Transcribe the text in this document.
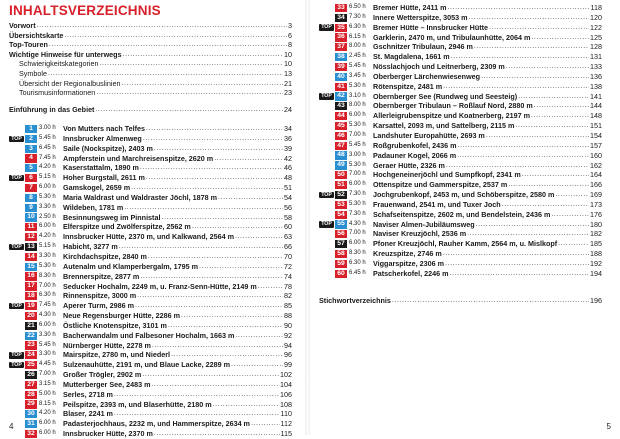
INHALTSVERZEICHNIS
Vorwort .....	3
Übersichtskarte .....	6
Top-Touren .....	8
Wichtige Hinweise für unterwegs .....	10
Schwierigkeitskategorien .....	10
Symbole .....	13
Übersicht der Regionalbuslinien .....	21
Tourismusinformationen .....	23
Einführung in das Gebiet .....	24
1	3.00 h	Von Mutters nach Telfes .....	34
TOP	2	5.45 h	Innsbrucker Almenweg .....	36
3	6.45 h	Saile (Nockspitze), 2403 m .....	39
4	7.45 h	Ampferstein und Marchreisenspitze, 2620 m .....	42
5	4.20 h	Kaserstattalm, 1890 m .....	46
TOP	6	5.15 h	Hoher Burgstall, 2611 m .....	48
7	6.00 h	Gamskogel, 2659 m .....	51
8	5.30 h	Maria Waldrast und Waldraster Jöchl, 1878 m .....	54
9	3.30 h	Wildeben, 1781 m .....	56
10 2.50 h	Besinnungsweg im Pinnistal .....	58
11 6.00 h	Elferspitze und Zwölferspitze, 2562 m .....	60
12 4.20 h	Innsbrucker Hütte, 2370 m, und Kalkwand, 2564 m .....	63
TOP 13 5.15 h	Habicht, 3277 m .....	66
14 3.30 h	Kirchdachspitze, 2840 m .....	70
15 5.30 h	Autenalm und Klamperbergalm, 1795 m .....	72
16 8.30 h	Brennerspitze, 2877 m .....	74
17 7.00 h	Seducker Hochalm, 2249 m, u. Franz-Senn-Hütte, 2149 m .....	78
18 6.30 h	Rinnenspitze, 3000 m .....	82
TOP 19 7.45 h	Aperer Turm, 2986 m .....	85
20 4.30 h	Neue Regensburger Hütte, 2286 m .....	88
21 6.00 h	Östliche Knotenspitze, 3101 m .....	90
22 3.30 h	Bacherwandalm und Falbesoner Hochalm, 1663 m .....	92
23 5.45 h	Nürnberger Hütte, 2278 m .....	94
TOP 24 3.30 h	Mairspitze, 2780 m, und Niederl .....	96
TOP 25 4.45 h	Sulzenauhütte, 2191 m, und Blaue Lacke, 2289 m .....	99
26 7.00 h	Großer Trögler, 2902 m .....	102
27 3.15 h	Mutterberger See, 2483 m .....	104
28 5.00 h	Serles, 2718 m .....	106
29 8.15 h	Peilspitze, 2393 m, und Blaserhütte, 2180 m .....	108
30 4.20 h	Blaser, 2241 m .....	110
31 6.00 h	Padasterjochhaus, 2232 m, und Hammerspitze, 2634 m .....	112
32 6.00 h	Innsbrucker Hütte, 2370 m .....	115
4
33 6.50 h	Bremer Hütte, 2411 m .....	118
34 7.30 h	Innere Wetterspitze, 3053 m .....	120
TOP 35 6.30 h	Bremer Hütte – Innsbrucker Hütte .....	122
36 6.15 h	Garklerin, 2470 m, und Tribulaunhütte, 2064 m .....	125
37 8.00 h	Gschnitzer Tribulaun, 2946 m .....	128
38 2.45 h	St. Magdalena, 1661 m .....	131
39 5.45 h	Nösslachjoch und Leitnerberg, 2309 m .....	133
40 3.45 h	Oberberger Lärchenwiesenweg .....	136
41 5.30 h	Rötenspitze, 2481 m .....	138
TOP 42 3.10 h	Obernberger See (Rundweg und Seesteig) .....	141
43 8.00 h	Obernberger Tribulaun – Roßlauf Nord, 2880 m .....	144
44 6.00 h	Allerleigrubenspitze und Koatnerberg, 2197 m .....	148
45 5.30 h	Karsattel, 2093 m, und Sattelberg, 2115 m .....	151
46 7.00 h	Landshuter Europahütte, 2693 m .....	154
47 5.45 h	Roßgrubenkofel, 2436 m .....	157
48 3.00 h	Padauner Kogel, 2066 m .....	160
49 5.30 h	Geraer Hütte, 2326 m .....	162
50 7.00 h	Hochgeneinerjöchl und Sumpfkopf, 2341 m .....	164
51 6.00 h	Ottenspitze und Gammerspitze, 2537 m .....	166
TOP 52 7.30 h	Jochgrubenkopf, 2453 m, und Schöberspitze, 2580 m .....	169
53 5.30 h	Frauenwand, 2541 m, und Tuxer Joch .....	173
54 7.30 h	Schafseitenspitze, 2602 m, und Bendelstein, 2436 m .....	176
TOP 55 4.30 h	Naviser Almen-Jubiläumsweg .....	180
56 7.00 h	Naviser Kreuzjöchl, 2536 m .....	182
57 6.00 h	Pfoner Kreuzjöchl, Rauher Kamm, 2564 m, u. Mislkopf .....	185
58 8.30 h	Kreuzspitze, 2746 m .....	188
59 6.30 h	Viggarspitze, 2306 m .....	192
60 6.45 h	Patscherkofel, 2246 m .....	194
Stichwortverzeichnis .....	196
5
